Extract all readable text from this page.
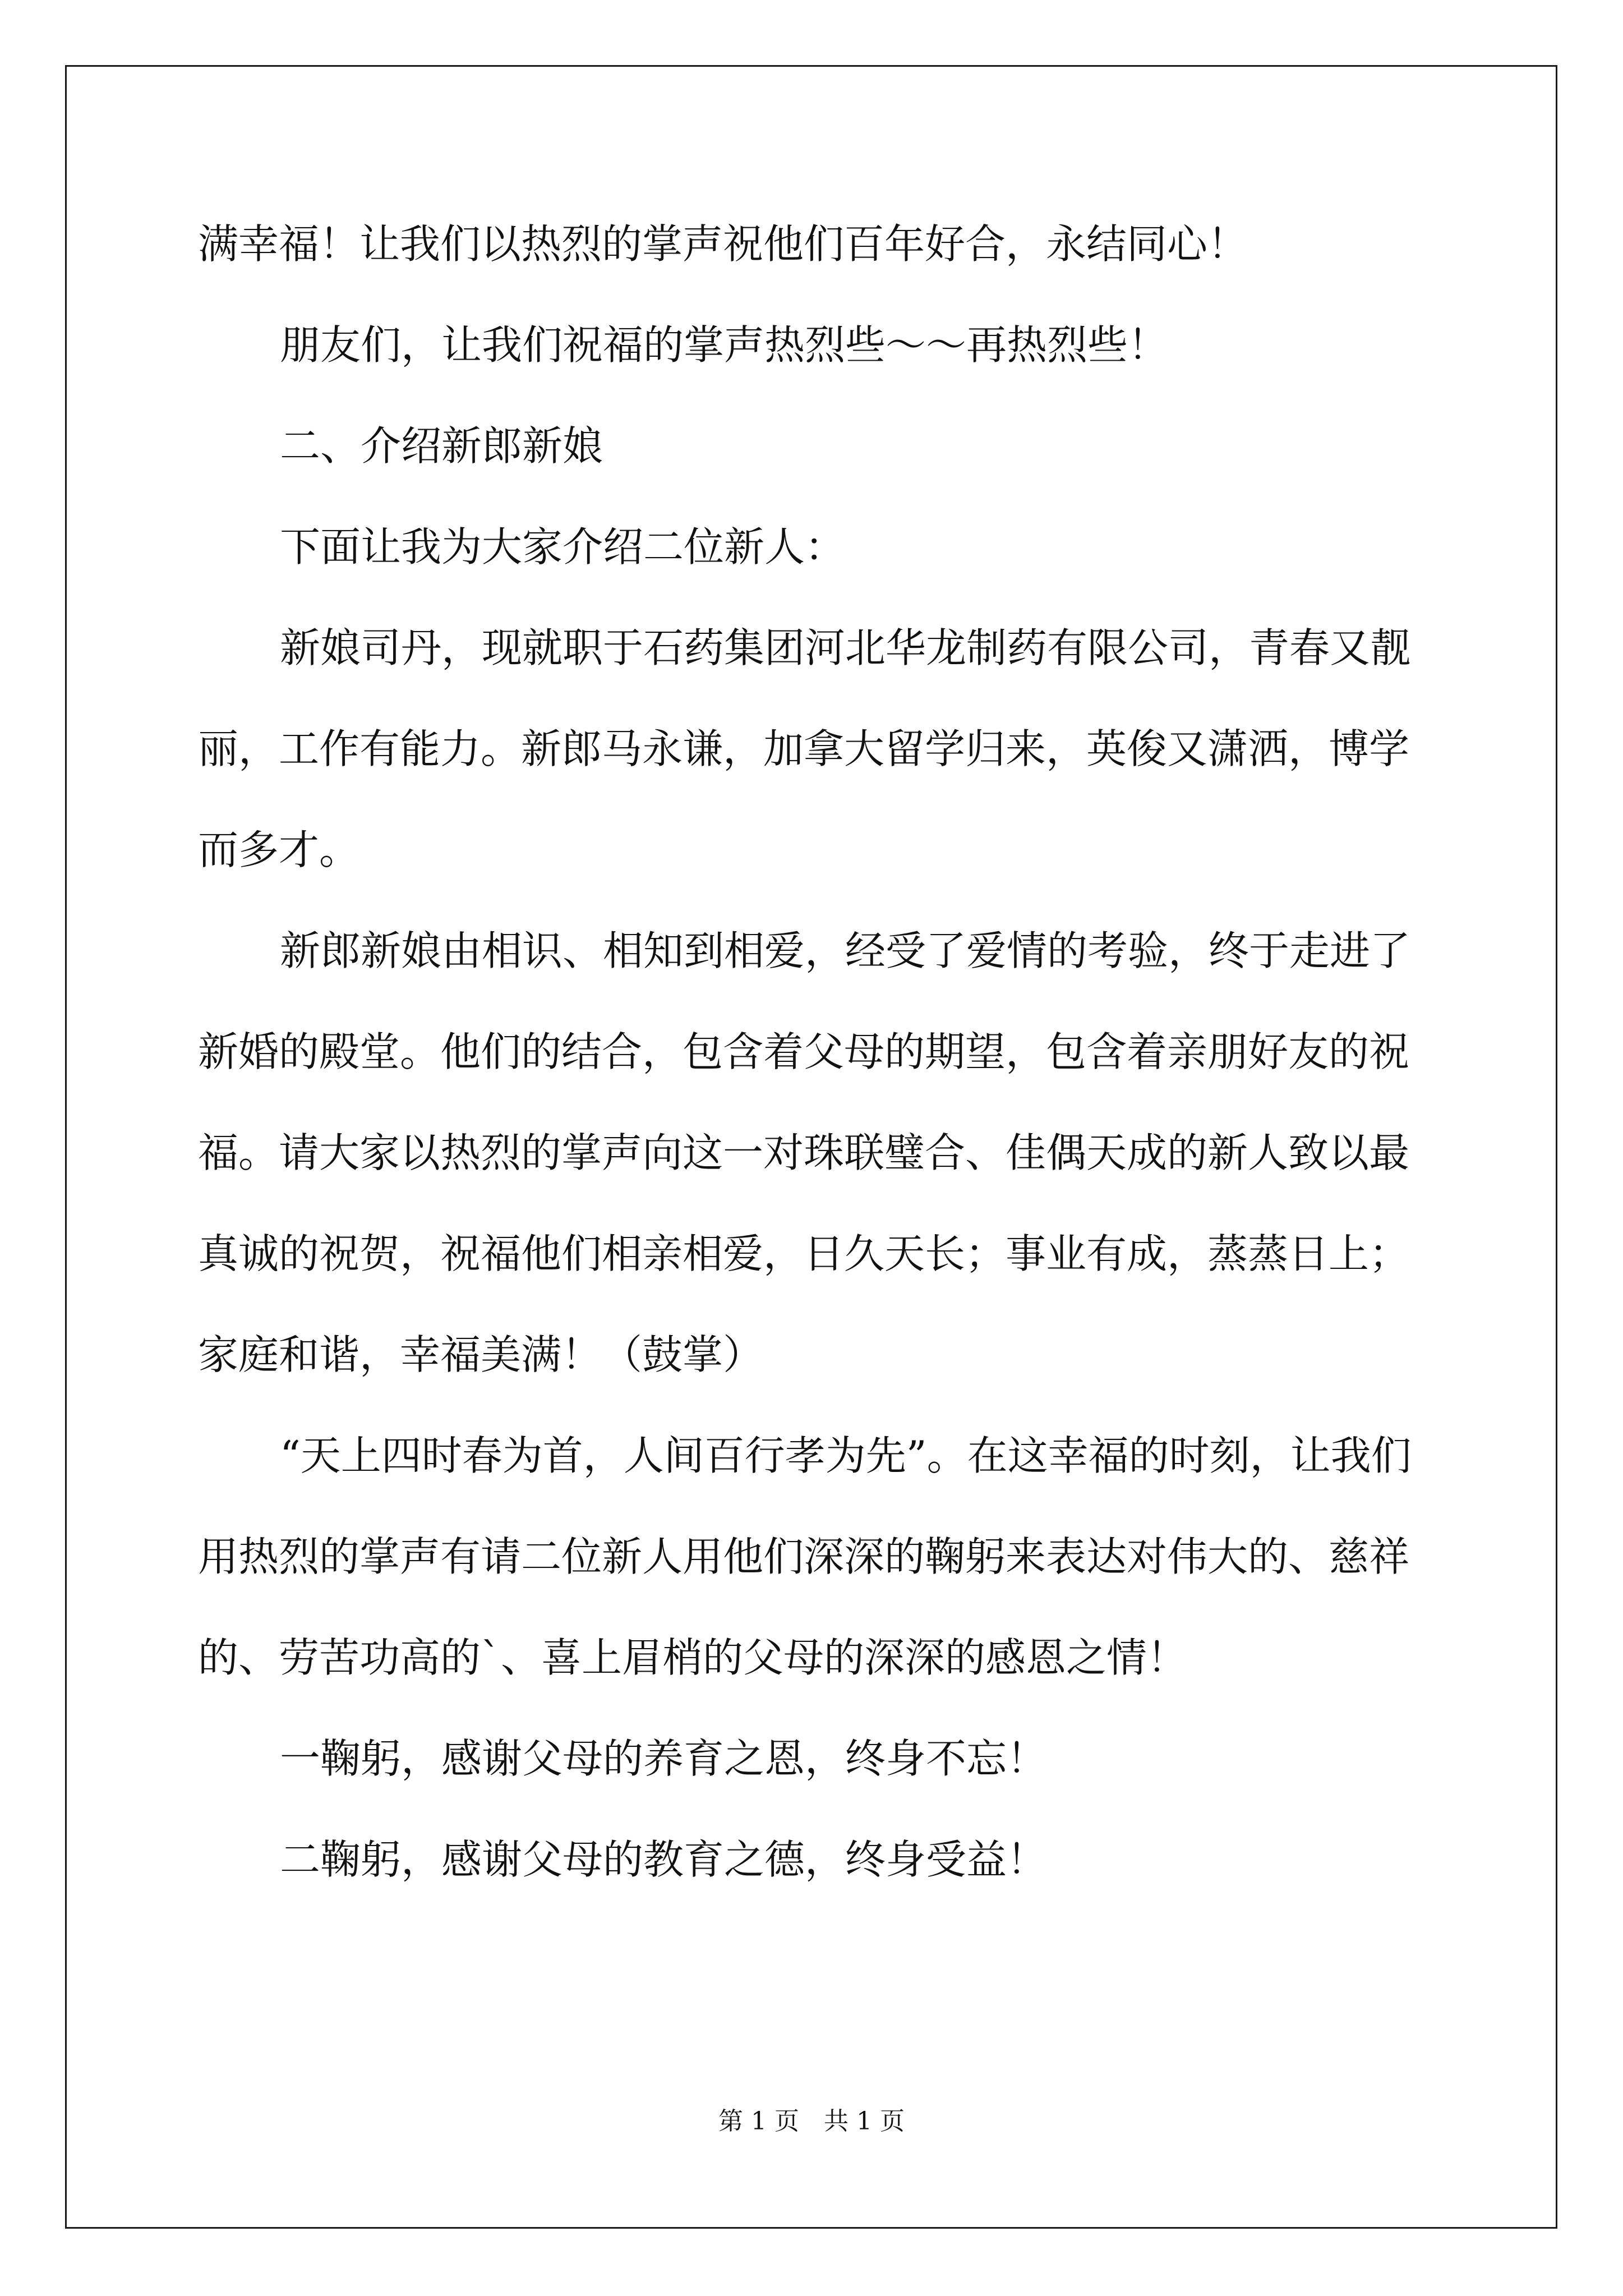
满幸福！让我们以热烈的掌声祝他们百年好合，永结同心！
朋友们，让我们祝福的掌声热烈些～～再热烈些！
二、介绍新郎新娘
下面让我为大家介绍二位新人：
新娘司丹，现就职于石药集团河北华龙制药有限公司，青春又靓
丽，工作有能力。新郎马永谦，加拿大留学归来，英俊又潇洒，博学
而多才。
新郎新娘由相识、相知到相爱，经受了爱情的考验，终于走进了
新婚的殿堂。他们的结合，包含着父母的期望，包含着亲朋好友的祝
福。请大家以热烈的掌声向这一对珠联璧合、佳偶天成的新人致以最
真诚的祝贺，祝福他们相亲相爱，日久天长；事业有成，蒸蒸日上；
家庭和谐，幸福美满！（鼓掌）
“天上四时春为首，人间百行孝为先”。在这幸福的时刻，让我们
用热烈的掌声有请二位新人用他们深深的鞠躬来表达对伟大的、慈祥
的、劳苦功高的`、喜上眉梢的父母的深深的感恩之情！
一鞠躬，感谢父母的养育之恩，终身不忘！
二鞠躬，感谢父母的教育之德，终身受益！
第 1 页　共 1 页
